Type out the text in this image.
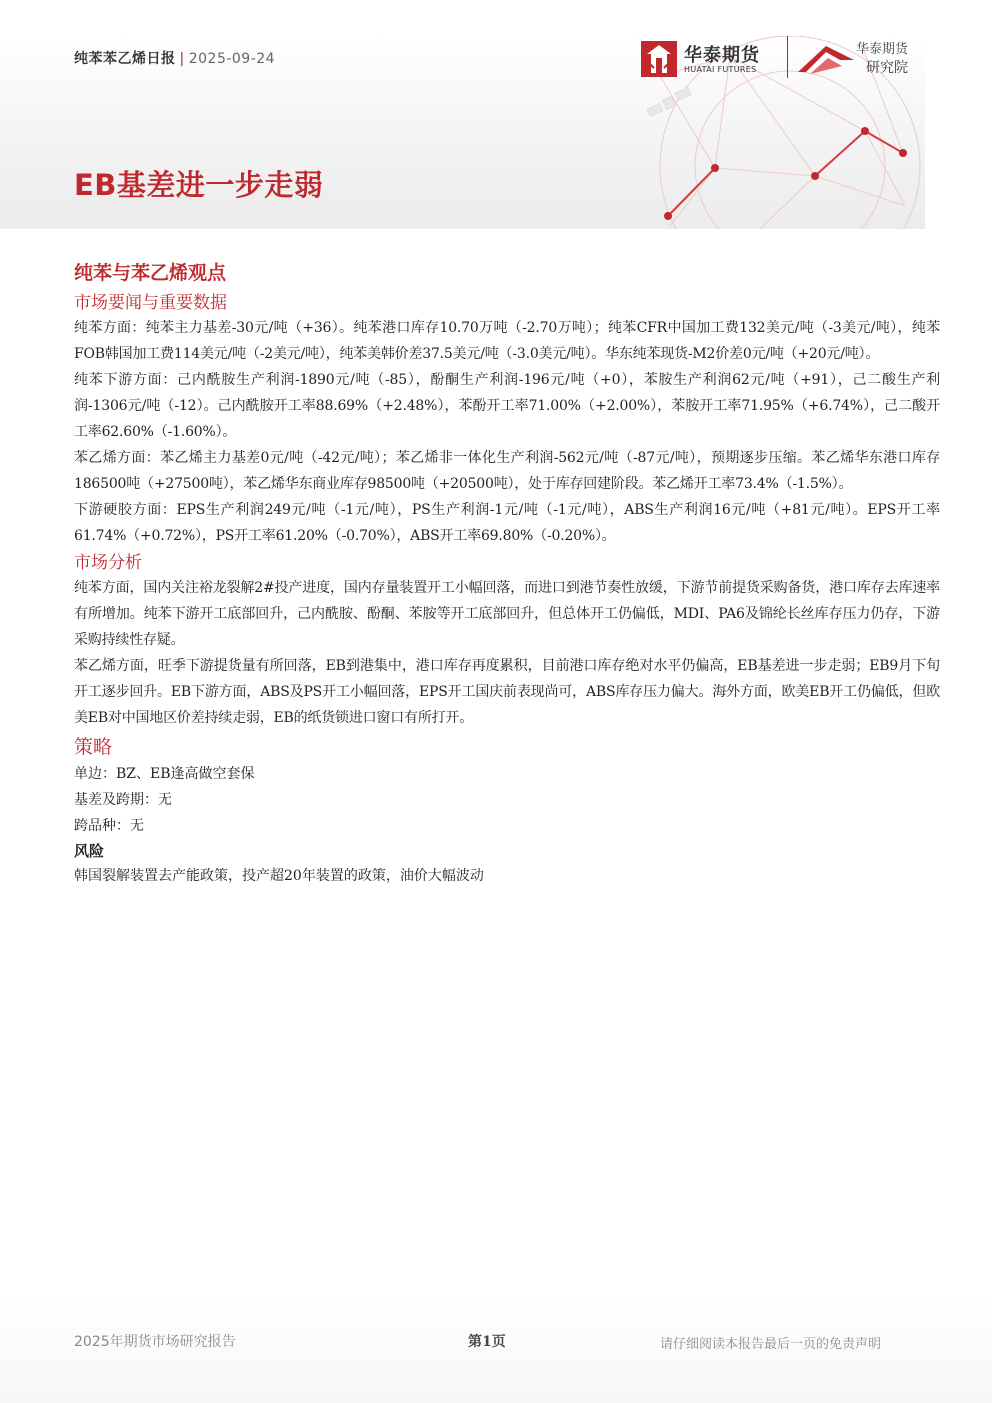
纯苯苯乙烯日报 | 2025-09-24	华泰期货
HUATAI FUTURES
华泰期货
研究院
EB基差进一步走弱
纯苯与苯乙烯观点
市场要闻与重要数据

纯苯方面：纯苯主力基差-30元/吨（+36）。纯苯港口库存10.70万吨（-2.70万吨）；纯苯CFR中国加工费132美元/吨（-3美元/吨），纯苯FOB韩国加工费114美元/吨（-2美元/吨），纯苯美韩价差37.5美元/吨（-3.0美元/吨）。华东纯苯现货-M2价差0元/吨（+20元/吨）。

纯苯下游方面：己内酰胺生产利润-1890元/吨（-85），酚酮生产利润-196元/吨（+0），苯胺生产利润62元/吨（+91），己二酸生产利润-1306元/吨（-12）。己内酰胺开工率88.69%（+2.48%），苯酚开工率71.00%（+2.00%），苯胺开工率71.95%（+6.74%），己二酸开工率62.60%（-1.60%）。

苯乙烯方面：苯乙烯主力基差0元/吨（-42元/吨）；苯乙烯非一体化生产利润-562元/吨（-87元/吨），预期逐步压缩。苯乙烯华东港口库存186500吨（+27500吨），苯乙烯华东商业库存98500吨（+20500吨），处于库存回建阶段。苯乙烯开工率73.4%（-1.5%）。

下游硬胶方面：EPS生产利润249元/吨（-1元/吨），PS生产利润-1元/吨（-1元/吨），ABS生产利润16元/吨（+81元/吨）。EPS开工率61.74%（+0.72%），PS开工率61.20%（-0.70%），ABS开工率69.80%（-0.20%）。

市场分析

纯苯方面，国内关注裕龙裂解2#投产进度，国内存量装置开工小幅回落，而进口到港节奏性放缓，下游节前提货采购备货，港口库存去库速率有所增加。纯苯下游开工底部回升，己内酰胺、酚酮、苯胺等开工底部回升，但总体开工仍偏低，MDI、PA6及锦纶长丝库存压力仍存，下游采购持续性存疑。

苯乙烯方面，旺季下游提货量有所回落，EB到港集中，港口库存再度累积，目前港口库存绝对水平仍偏高，EB基差进一步走弱；EB9月下旬开工逐步回升。EB下游方面，ABS及PS开工小幅回落，EPS开工国庆前表现尚可，ABS库存压力偏大。海外方面，欧美EB开工仍偏低，但欧美EB对中国地区价差持续走弱，EB的纸货锁进口窗口有所打开。

策略
单边：BZ、EB逢高做空套保
基差及跨期：无
跨品种：无
风险
韩国裂解装置去产能政策，投产超20年装置的政策，油价大幅波动
2025年期货市场研究报告	第1页	请仔细阅读本报告最后一页的免责声明
